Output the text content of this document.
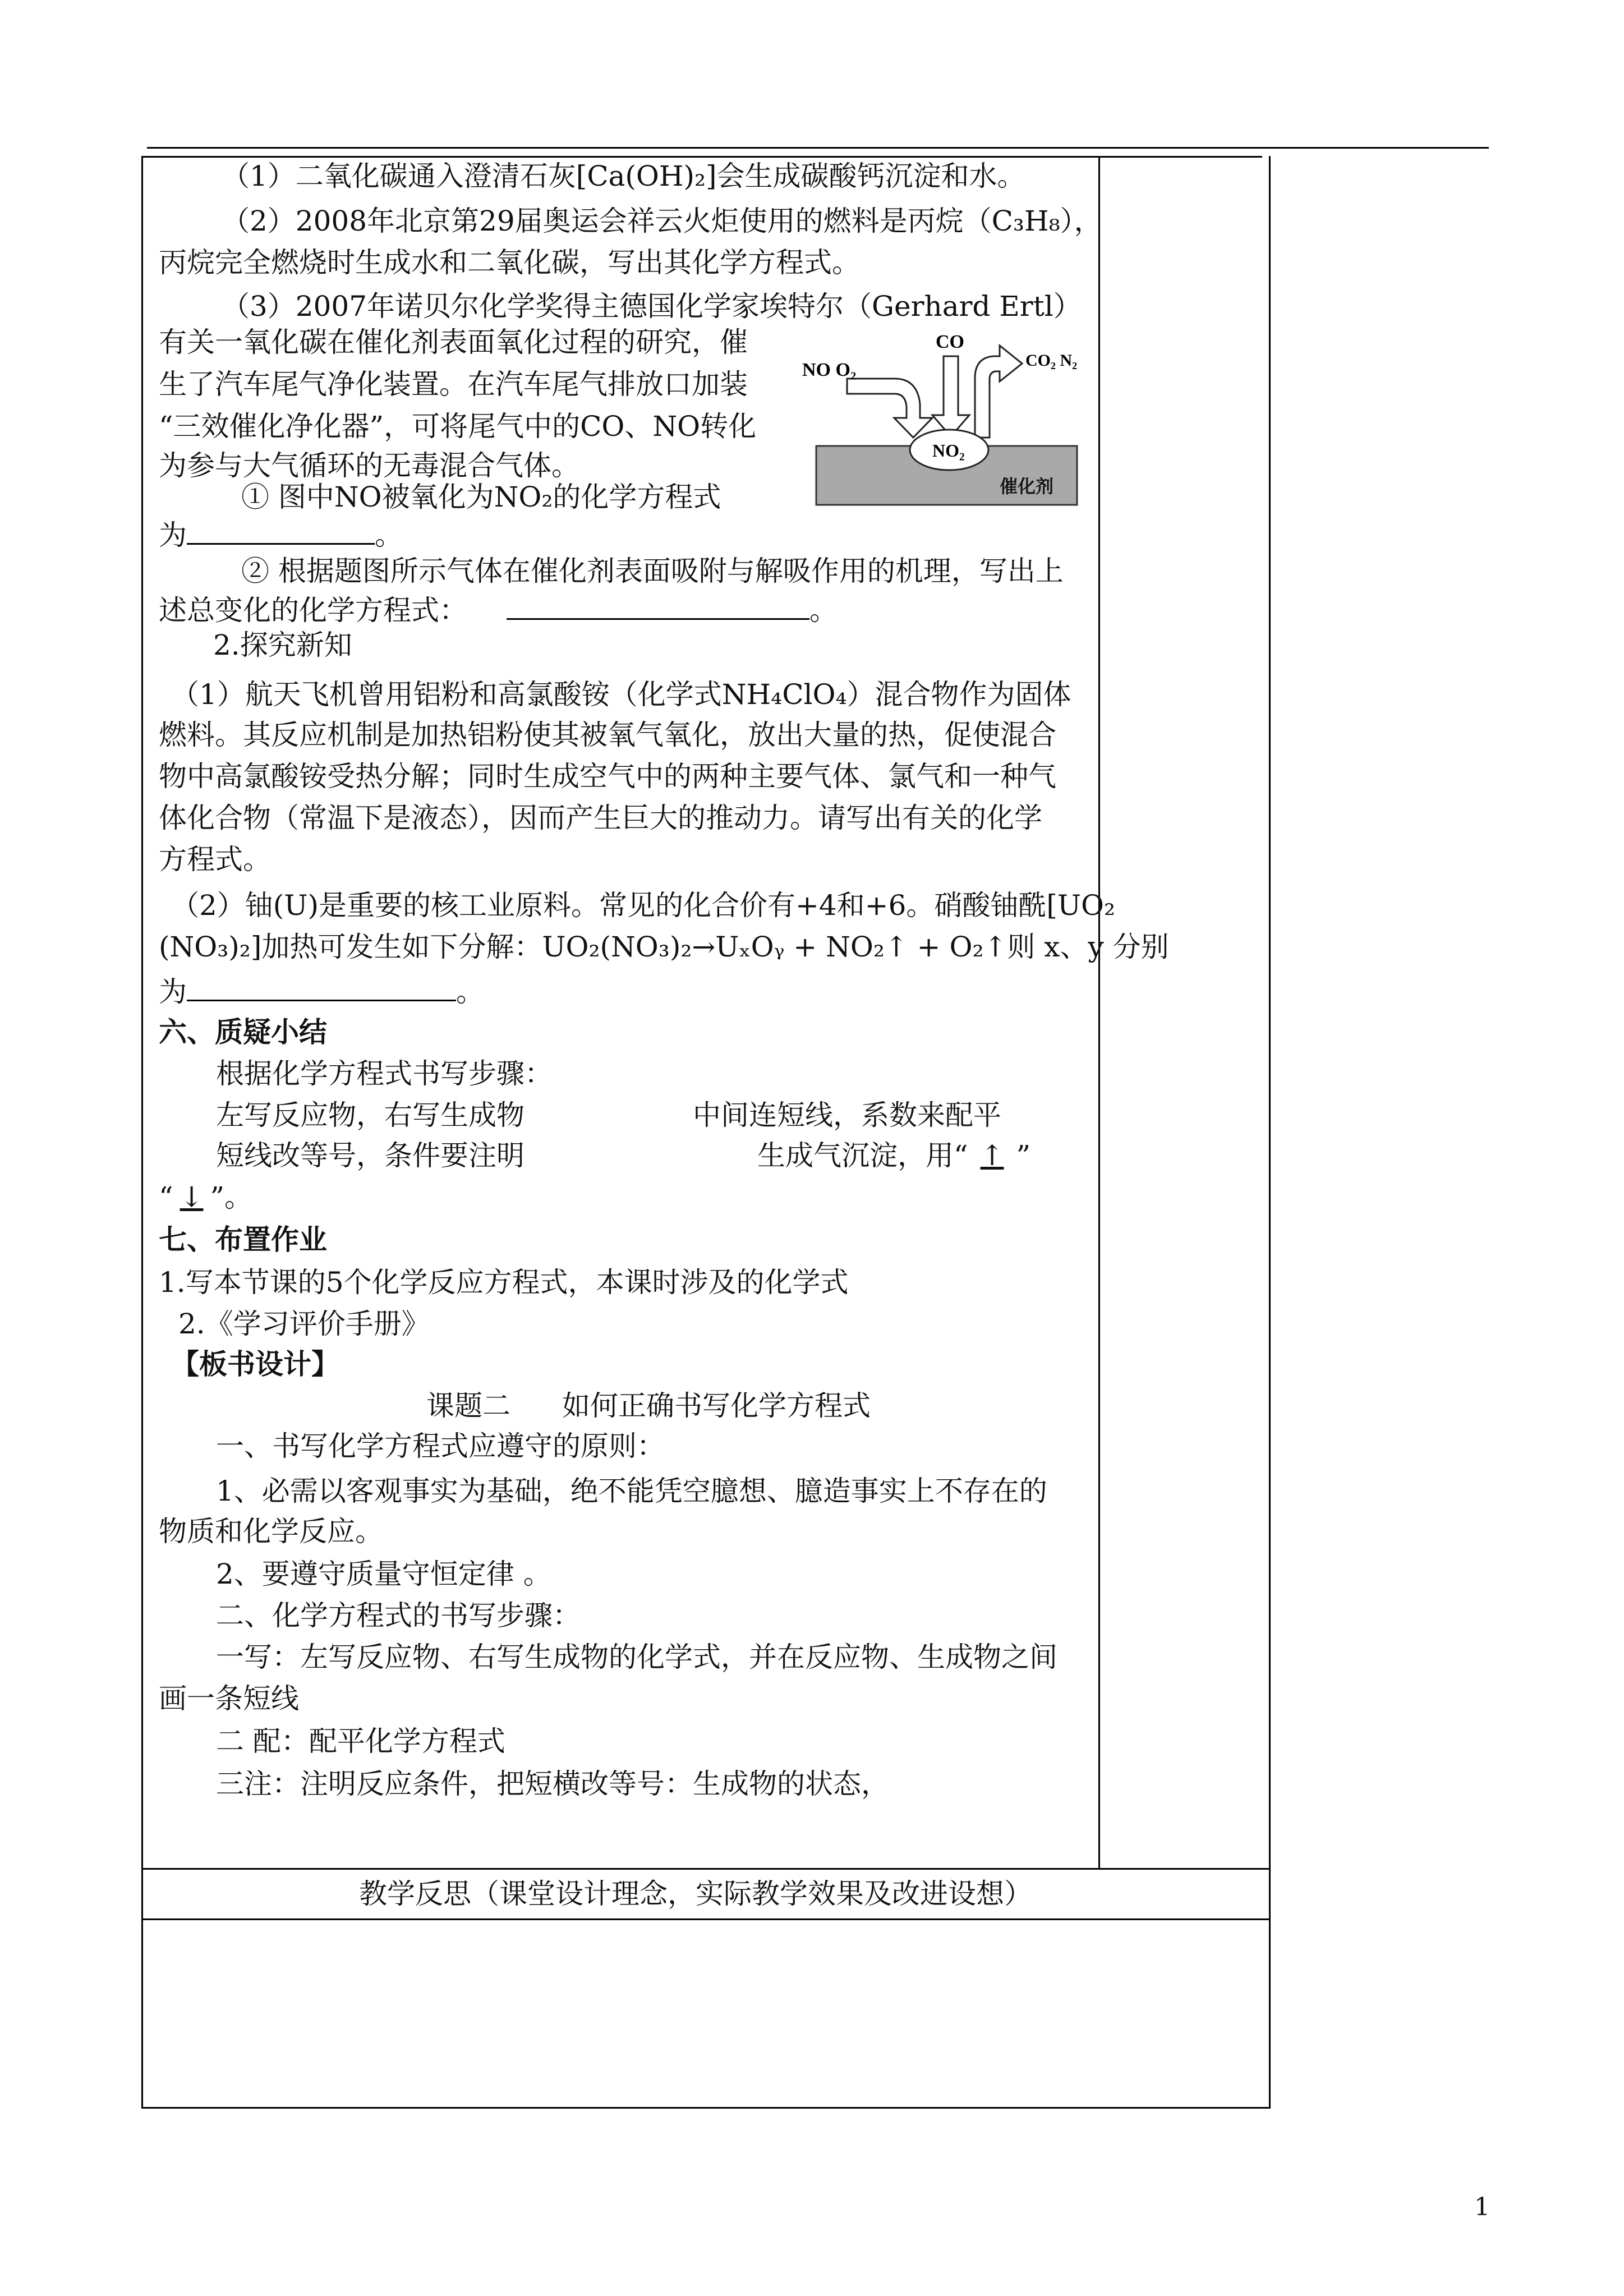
（1）二氧化碳通入澄清石灰[Ca(OH)₂]会生成碳酸钙沉淀和水。
（2）2008年北京第29届奥运会祥云火炬使用的燃料是丙烷（C₃H₈），
丙烷完全燃烧时生成水和二氧化碳，写出其化学方程式。
（3）2007年诺贝尔化学奖得主德国化学家埃特尔（Gerhard Ertl）
有关一氧化碳在催化剂表面氧化过程的研究，催
生了汽车尾气净化装置。在汽车尾气排放口加装
“三效催化净化器”，可将尾气中的CO、NO转化
为参与大气循环的无毒混合气体。
① 图中NO被氧化为NO₂的化学方程式
为	。
② 根据题图所示气体在催化剂表面吸附与解吸作用的机理，写出上
述总变化的化学方程式：	。
2.探究新知
（1）航天飞机曾用铝粉和高氯酸铵（化学式NH₄ClO₄）混合物作为固体
燃料。其反应机制是加热铝粉使其被氧气氧化，放出大量的热，促使混合
物中高氯酸铵受热分解；同时生成空气中的两种主要气体、氯气和一种气
体化合物（常温下是液态），因而产生巨大的推动力。请写出有关的化学
方程式。
（2）铀(U)是重要的核工业原料。常见的化合价有+4和+6。硝酸铀酰[UO₂
(NO₃)₂]加热可发生如下分解：UO₂(NO₃)₂→UₓOᵧ + NO₂↑ + O₂↑则 x、y 分别
为	。
六、质疑小结
根据化学方程式书写步骤：
左写反应物，右写生成物	中间连短线，系数来配平
短线改等号，条件要注明	生成气沉淀，用“ ↑ ”
“ ↓ ”。
七、布置作业
1.写本节课的5个化学反应方程式，本课时涉及的化学式
2.《学习评价手册》
【板书设计】
课题二 如何正确书写化学方程式
一、书写化学方程式应遵守的原则：
1、必需以客观事实为基础，绝不能凭空臆想、臆造事实上不存在的
物质和化学反应。
2、要遵守质量守恒定律 。
二、化学方程式的书写步骤：
一写：左写反应物、右写生成物的化学式，并在反应物、生成物之间
画一条短线
二 配：配平化学方程式
三注：注明反应条件，把短横改等号：生成物的状态，
教学反思（课堂设计理念，实际教学效果及改进设想）
NO O₂
CO
CO₂ N₂
NO₂
催化剂
1
